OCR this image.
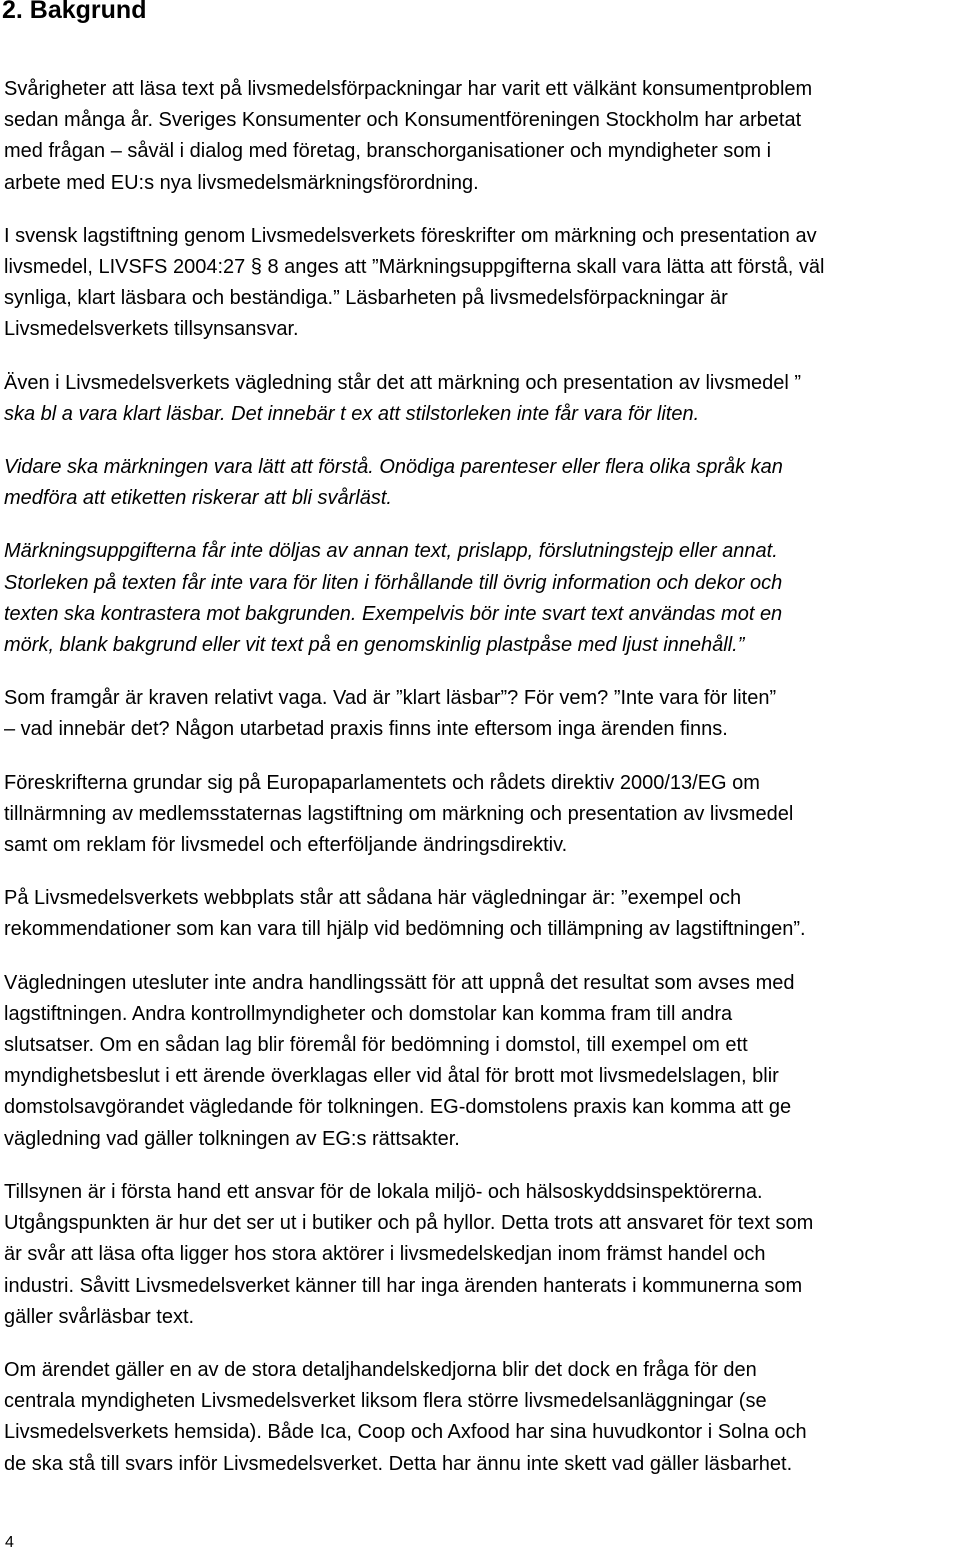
2. Bakgrund

Svårigheter att läsa text på livsmedelsförpackningar har varit ett välkänt konsumentproblem
sedan många år. Sveriges Konsumenter och Konsumentföreningen Stockholm har arbetat
med frågan – såväl i dialog med företag, branschorganisationer och myndigheter som i
arbete med EU:s nya livsmedelsmärkningsförordning.

I svensk lagstiftning genom Livsmedelsverkets föreskrifter om märkning och presentation av
livsmedel, LIVSFS 2004:27 § 8 anges att ”Märkningsuppgifterna skall vara lätta att förstå, väl
synliga, klart läsbara och beständiga.” Läsbarheten på livsmedelsförpackningar är
Livsmedelsverkets tillsynsansvar.

Även i Livsmedelsverkets vägledning står det att märkning och presentation av livsmedel ”
ska bl a vara klart läsbar. Det innebär t ex att stilstorleken inte får vara för liten.

Vidare ska märkningen vara lätt att förstå. Onödiga parenteser eller flera olika språk kan
medföra att etiketten riskerar att bli svårläst.

Märkningsuppgifterna får inte döljas av annan text, prislapp, förslutningstejp eller annat.
Storleken på texten får inte vara för liten i förhållande till övrig information och dekor och
texten ska kontrastera mot bakgrunden. Exempelvis bör inte svart text användas mot en
mörk, blank bakgrund eller vit text på en genomskinlig plastpåse med ljust innehåll.”

Som framgår är kraven relativt vaga. Vad är ”klart läsbar”? För vem? ”Inte vara för liten”
– vad innebär det? Någon utarbetad praxis finns inte eftersom inga ärenden finns.

Föreskrifterna grundar sig på Europaparlamentets och rådets direktiv 2000/13/EG om
tillnärmning av medlemsstaternas lagstiftning om märkning och presentation av livsmedel
samt om reklam för livsmedel och efterföljande ändringsdirektiv.

På Livsmedelsverkets webbplats står att sådana här vägledningar är: ”exempel och
rekommendationer som kan vara till hjälp vid bedömning och tillämpning av lagstiftningen”.

Vägledningen utesluter inte andra handlingssätt för att uppnå det resultat som avses med
lagstiftningen. Andra kontrollmyndigheter och domstolar kan komma fram till andra
slutsatser. Om en sådan lag blir föremål för bedömning i domstol, till exempel om ett
myndighetsbeslut i ett ärende överklagas eller vid åtal för brott mot livsmedelslagen, blir
domstolsavgörandet vägledande för tolkningen. EG-domstolens praxis kan komma att ge
vägledning vad gäller tolkningen av EG:s rättsakter.

Tillsynen är i första hand ett ansvar för de lokala miljö- och hälsoskyddsinspektörerna.
Utgångspunkten är hur det ser ut i butiker och på hyllor. Detta trots att ansvaret för text som
är svår att läsa ofta ligger hos stora aktörer i livsmedelskedjan inom främst handel och
industri. Såvitt Livsmedelsverket känner till har inga ärenden hanterats i kommunerna som
gäller svårläsbar text.

Om ärendet gäller en av de stora detaljhandelskedjorna blir det dock en fråga för den
centrala myndigheten Livsmedelsverket liksom flera större livsmedelsanläggningar (se
Livsmedelsverkets hemsida). Både Ica, Coop och Axfood har sina huvudkontor i Solna och
de ska stå till svars inför Livsmedelsverket. Detta har ännu inte skett vad gäller läsbarhet.

4
